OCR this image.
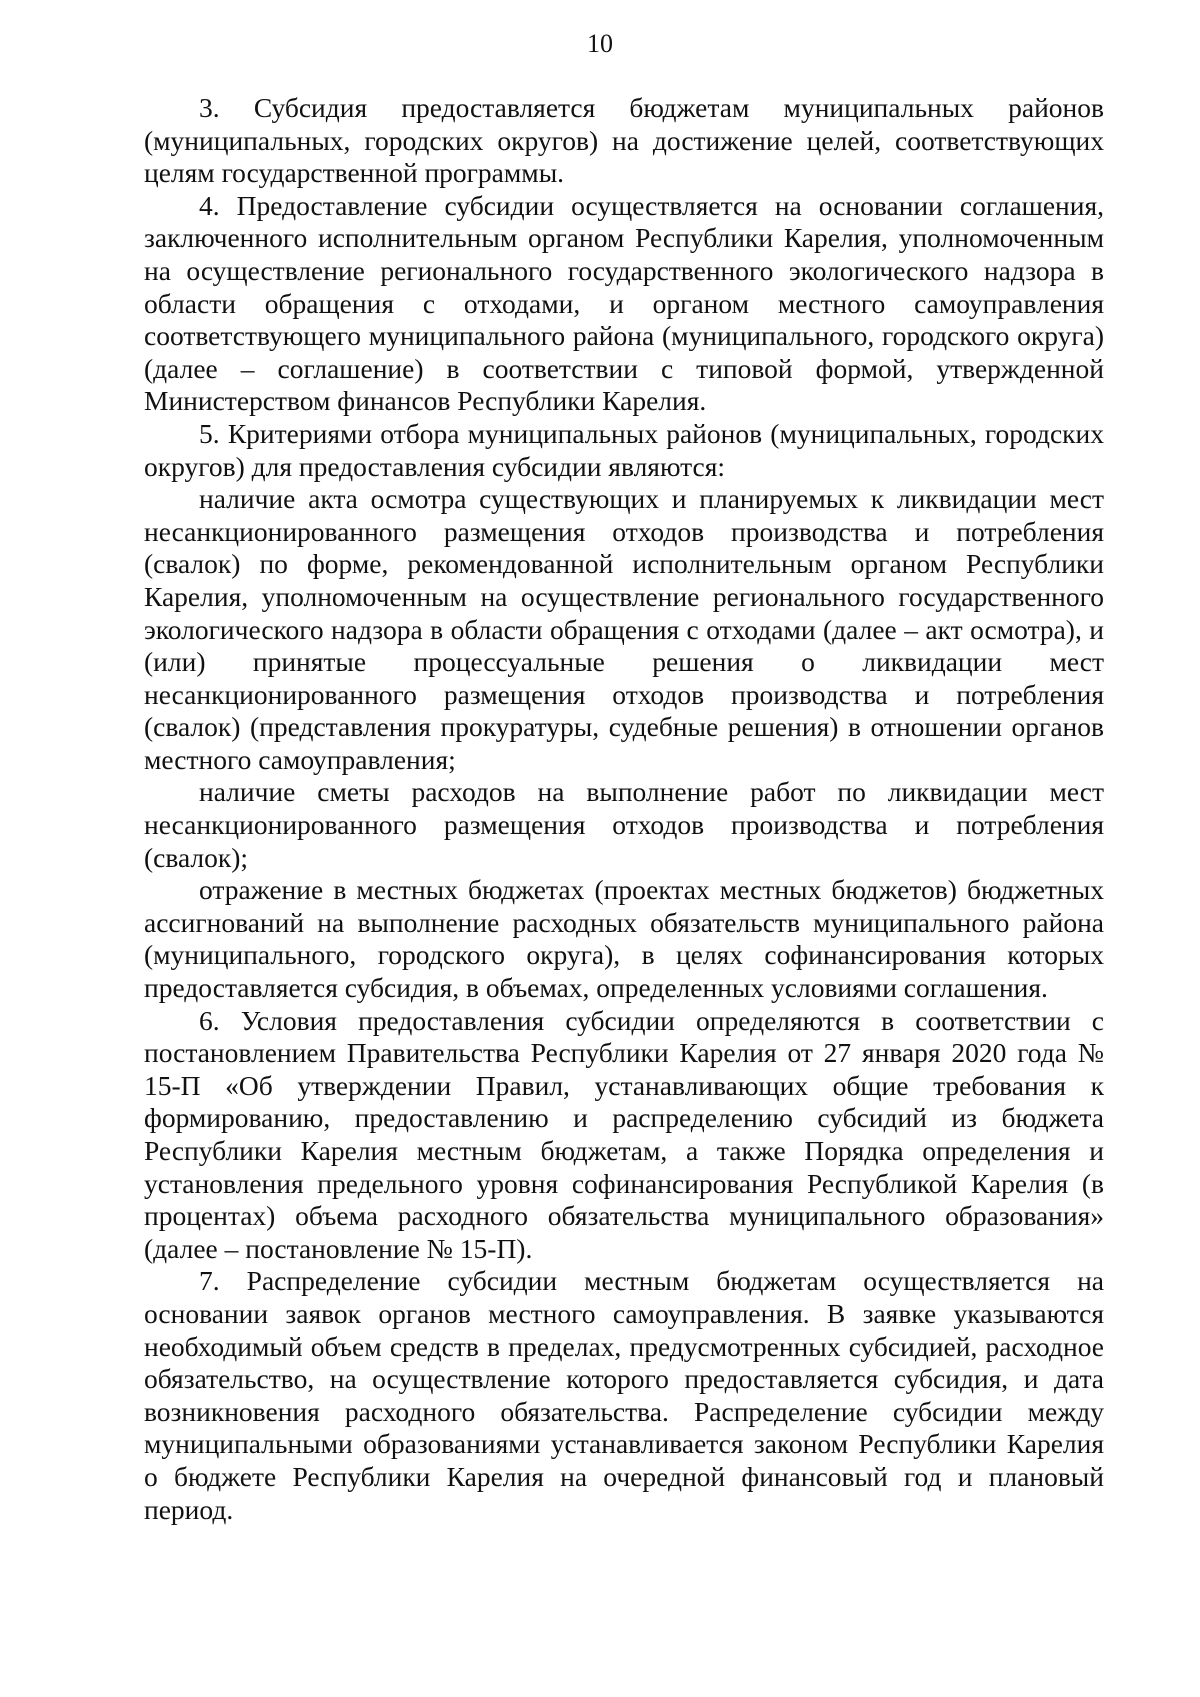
10

3. Субсидия предоставляется бюджетам муниципальных районов (муниципальных, городских округов) на достижение целей, соответствующих целям государственной программы.

4. Предоставление субсидии осуществляется на основании соглашения, заключенного исполнительным органом Республики Карелия, уполномоченным на осуществление регионального государственного экологического надзора в области обращения с отходами, и органом местного самоуправления соответствующего муниципального района (муниципального, городского округа) (далее – соглашение) в соответствии с типовой формой, утвержденной Министерством финансов Республики Карелия.

5. Критериями отбора муниципальных районов (муниципальных, городских округов) для предоставления субсидии являются:

наличие акта осмотра существующих и планируемых к ликвидации мест несанкционированного размещения отходов производства и потребления (свалок) по форме, рекомендованной исполнительным органом Республики Карелия, уполномоченным на осуществление регионального государственного экологического надзора в области обращения с отходами (далее – акт осмотра), и (или) принятые процессуальные решения о ликвидации мест несанкционированного размещения отходов производства и потребления (свалок) (представления прокуратуры, судебные решения) в отношении органов местного самоуправления;

наличие сметы расходов на выполнение работ по ликвидации мест несанкционированного размещения отходов производства и потребления (свалок);

отражение в местных бюджетах (проектах местных бюджетов) бюджетных ассигнований на выполнение расходных обязательств муниципального района (муниципального, городского округа), в целях софинансирования которых предоставляется субсидия, в объемах, определенных условиями соглашения.

6. Условия предоставления субсидии определяются в соответствии с постановлением Правительства Республики Карелия от 27 января 2020 года № 15-П «Об утверждении Правил, устанавливающих общие требования к формированию, предоставлению и распределению субсидий из бюджета Республики Карелия местным бюджетам, а также Порядка определения и установления предельного уровня софинансирования Республикой Карелия (в процентах) объема расходного обязательства муниципального образования» (далее – постановление № 15-П).

7. Распределение субсидии местным бюджетам осуществляется на основании заявок органов местного самоуправления. В заявке указываются необходимый объем средств в пределах, предусмотренных субсидией, расходное обязательство, на осуществление которого предоставляется субсидия, и дата возникновения расходного обязательства. Распределение субсидии между муниципальными образованиями устанавливается законом Республики Карелия о бюджете Республики Карелия на очередной финансовый год и плановый период.
